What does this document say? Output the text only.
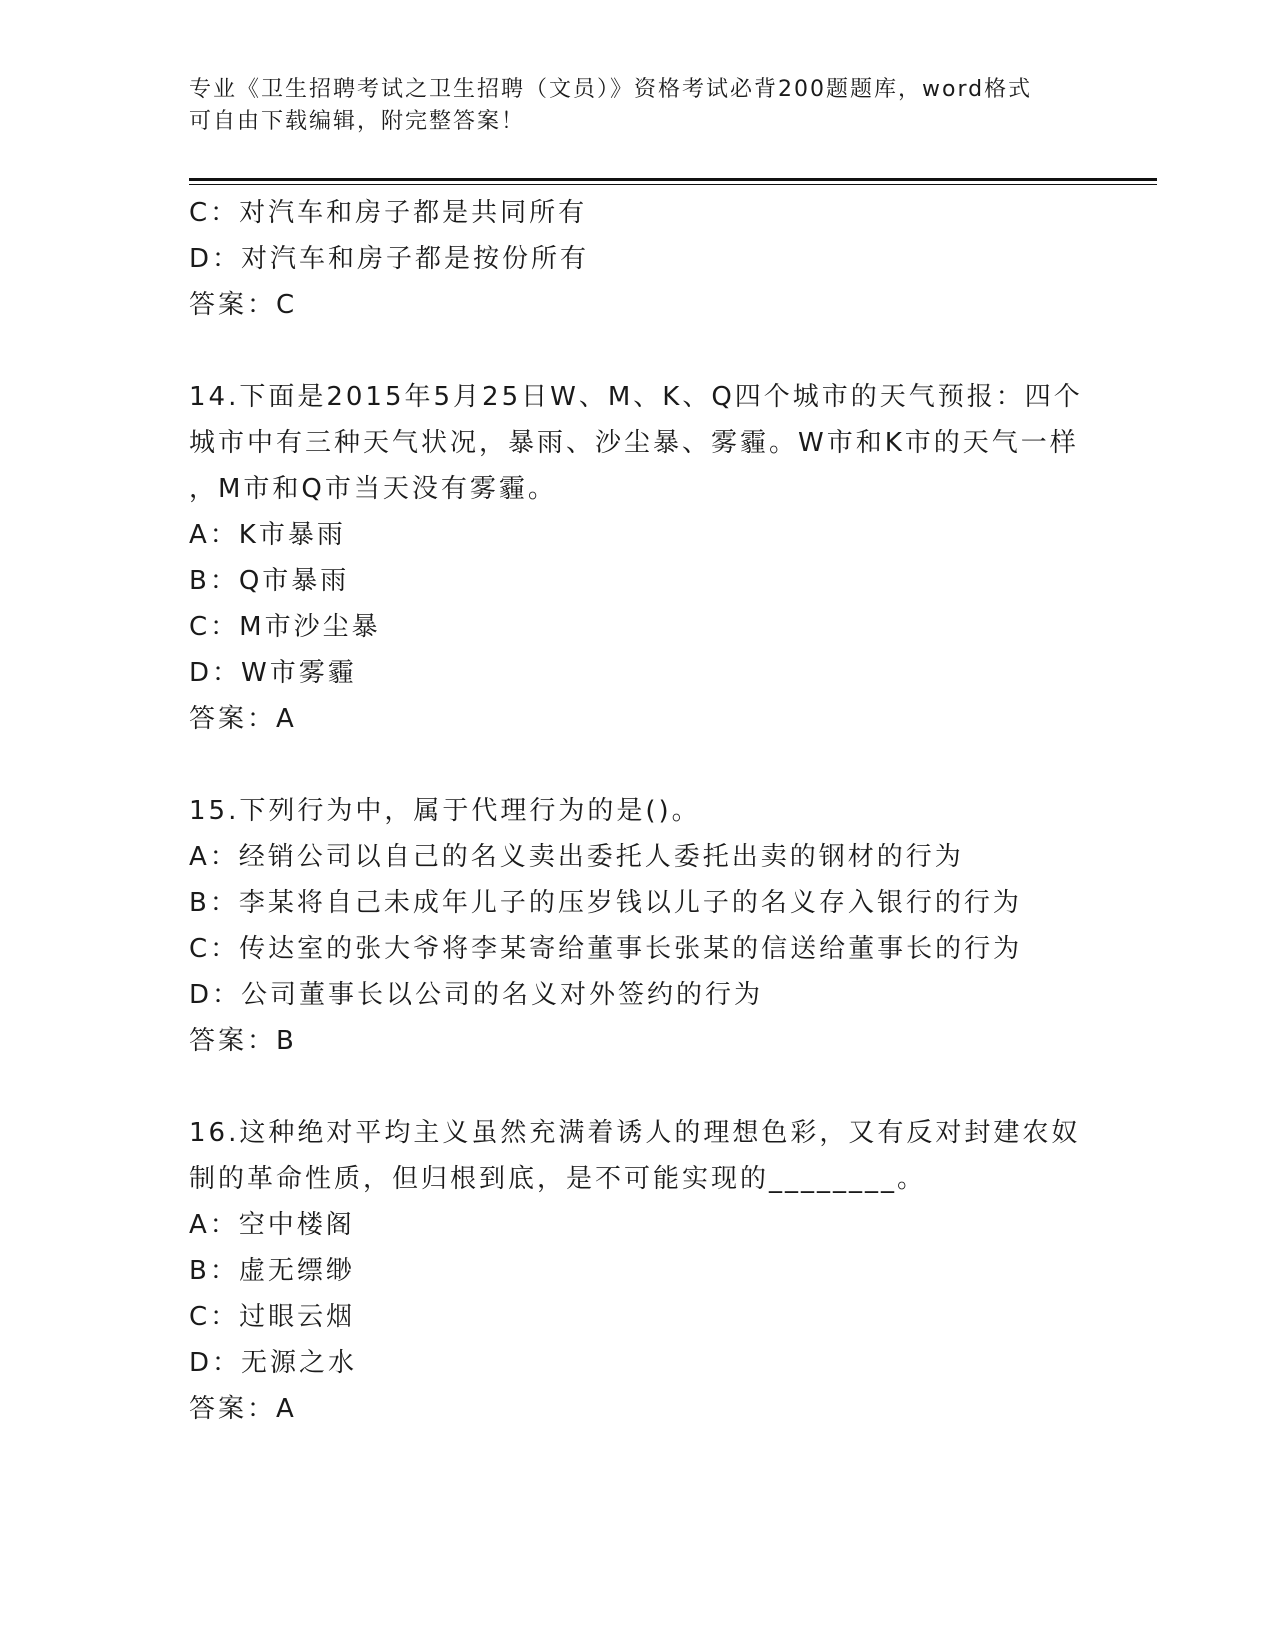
专业《卫生招聘考试之卫生招聘（文员）》资格考试必背200题题库，word格式
可自由下载编辑，附完整答案！

C：对汽车和房子都是共同所有

D：对汽车和房子都是按份所有

答案：C

14.下面是2015年5月25日W、M、K、Q四个城市的天气预报：四个

城市中有三种天气状况，暴雨、沙尘暴、雾霾。W市和K市的天气一样

，M市和Q市当天没有雾霾。

A：K市暴雨

B：Q市暴雨

C：M市沙尘暴

D：W市雾霾

答案：A

15.下列行为中，属于代理行为的是()。

A：经销公司以自己的名义卖出委托人委托出卖的钢材的行为

B：李某将自己未成年儿子的压岁钱以儿子的名义存入银行的行为

C：传达室的张大爷将李某寄给董事长张某的信送给董事长的行为

D：公司董事长以公司的名义对外签约的行为

答案：B

16.这种绝对平均主义虽然充满着诱人的理想色彩，又有反对封建农奴

制的革命性质，但归根到底，是不可能实现的________。

A：空中楼阁

B：虚无缥缈

C：过眼云烟

D：无源之水

答案：A
